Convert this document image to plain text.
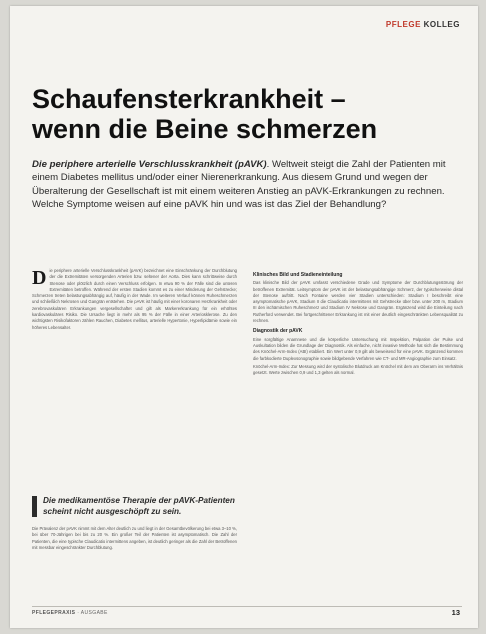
PFLEGE KOLLEG
Schaufensterkrankheit –
wenn die Beine schmerzen
Die periphere arterielle Verschlusskrankheit (pAVK). Weltweit steigt die Zahl der Patienten mit einem Diabetes mellitus und/oder einer Nierenerkrankung. Aus diesem Grund und wegen der Überalterung der Gesellschaft ist mit einem weiteren Anstieg an pAVK-Erkrankungen zu rechnen. Welche Symptome weisen auf eine pAVK hin und was ist das Ziel der Behandlung?

Die periphere arterielle Verschlusskrankheit (pAVK) bezeichnet eine Einschränkung der Durchblutung der die Extremitäten versorgenden Arterien bzw. seltener der Aorta. Dies kann schrittweise durch Stenose oder plötzlich durch einen Verschluss erfolgen. In etwa 90 % der Fälle sind die unteren Extremitäten betroffen. Während der ersten Stadien kommt es zu einer Minderung der Gehstrecke; Schmerzen treten belastungsabhängig auf, häufig in der Wade. Im weiteren Verlauf können Ruheschmerzen und schließlich Nekrosen und Gangrän entstehen. Die pAVK ist häufig mit einer koronaren Herzkrankheit oder zerebrovaskulären Erkrankungen vergesellschaftet und gilt als Markererkrankung für ein erhöhtes kardiovaskuläres Risiko. Die Ursache liegt in mehr als 95 % der Fälle in einer Arteriosklerose. Zu den wichtigsten Risikofaktoren zählen Rauchen, Diabetes mellitus, arterielle Hypertonie, Hyperlipidämie sowie ein höheres Lebensalter.

Die medikamentöse Therapie der pAVK-Patienten scheint nicht ausgeschöpft zu sein.
Die Prävalenz der pAVK nimmt mit dem Alter deutlich zu und liegt in der Gesamtbevölkerung bei etwa 3–10 %, bei über 70-Jährigen bei bis zu 20 %. Ein großer Teil der Patienten ist asymptomatisch. Die Zahl der Patienten, die eine typische Claudicatio intermittens angeben, ist deutlich geringer als die Zahl der Betroffenen mit messbar eingeschränkter Durchblutung.
Klinisches Bild und Stadieneinteilung

Das klinische Bild der pAVK umfasst verschiedene Grade und Symptome der Durchblutungsstörung der betroffenen Extremität. Leitsymptom der pAVK ist der belastungsabhängige Schmerz, der typischerweise distal der Stenose auftritt. Nach Fontaine werden vier Stadien unterschieden: Stadium I beschreibt eine asymptomatische pAVK, Stadium II die Claudicatio intermittens mit Gehstrecke über bzw. unter 200 m, Stadium III den ischämischen Ruheschmerz und Stadium IV Nekrose und Gangrän. Ergänzend wird die Einteilung nach Rutherford verwendet. Bei fortgeschrittener Erkrankung ist mit einer deutlich eingeschränkten Lebensqualität zu rechnen.

Diagnostik der pAVK

Eine sorgfältige Anamnese und die körperliche Untersuchung mit Inspektion, Palpation der Pulse und Auskultation bilden die Grundlage der Diagnostik. Als einfache, nicht invasive Methode hat sich die Bestimmung des Knöchel-Arm-Index (ABI) etabliert. Ein Wert unter 0,9 gilt als beweisend für eine pAVK. Ergänzend kommen die farbkodierte Duplexsonographie sowie bildgebende Verfahren wie CT- und MR-Angiographie zum Einsatz.

Knöchel-Arm-Index: Zur Messung wird der systolische Blutdruck am Knöchel mit dem am Oberarm ins Verhältnis gesetzt. Werte zwischen 0,9 und 1,3 gelten als normal.

PFLEGEPRAXIS · AUSGABE	13
